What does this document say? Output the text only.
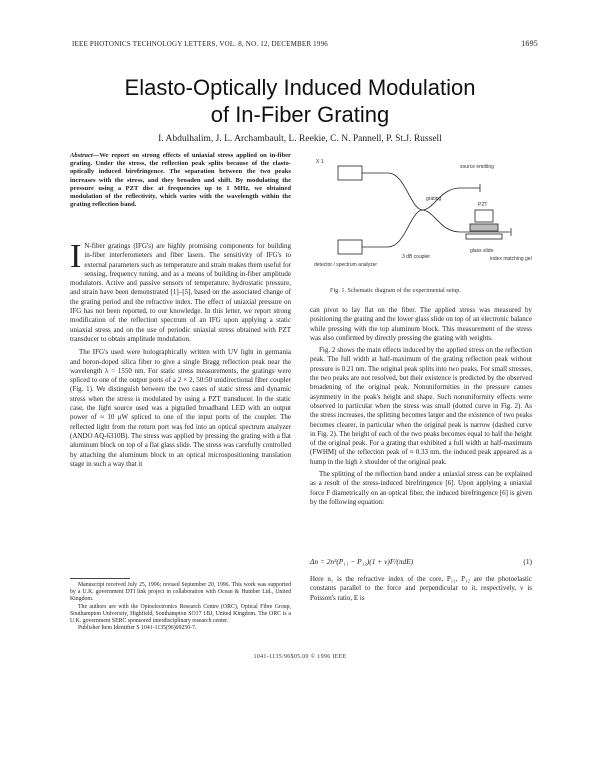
IEEE PHOTONICS TECHNOLOGY LETTERS, VOL. 8, NO. 12, DECEMBER 1996	1695
Elasto-Optically Induced Modulation
of In-Fiber Grating
I. Abdulhalim, J. L. Archambault, L. Reekie, C. N. Pannell, P. St.J. Russell
Abstract—We report on strong effects of uniaxial stress applied on in-fiber grating. Under the stress, the reflection peak splits because of the elasto-optically induced birefringence. The separation between the two peaks increases with the stress, and they broaden and shift. By modulating the pressure using a PZT disc at frequencies up to 1 MHz, we obtained modulation of the reflectivity, which varies with the wavelength within the grating reflection band.

I N-fiber gratings (IFG's) are highly promising components for building in-fiber interferometers and fiber lasers. The sensitivity of IFG's to external parameters such as temperature and strain makes them useful for sensing, frequency tuning, and as a means of building in-fiber amplitude modulators. Active and passive sensors of temperature, hydrostatic pressure, and strain have been demonstrated [1]–[5], based on the associated change of the grating period and the refractive index. The effect of uniaxial pressure on IFG has not been reported, to our knowledge. In this letter, we report strong modification of the reflection spectrum of an IFG upon applying a static uniaxial stress and on the use of periodic uniaxial stress obtained with PZT transducer to obtain amplitude modulation.

The IFG's used were holographically written with UV light in germania and boron-doped silica fiber to give a single Bragg reflection peak near the wavelength λ = 1550 nm. For static stress measurements, the gratings were spliced to one of the output ports of a 2 × 2, 50:50 unidirectional fiber coupler (Fig. 1). We distinguish between the two cases of static stress and dynamic stress when the stress is modulated by using a PZT transducer. In the static case, the light source used was a pigtailed broadband LED with an output power of ≈ 10 μW spliced to one of the input ports of the coupler. The reflected light from the return port was fed into an optical spectrum analyzer (ANDO AQ-6310B). The stress was applied by pressing the grating with a flat aluminum block on top of a flat glass slide. The stress was carefully controlled by attaching the aluminum block to an optical microspositioning translation stage in such a way that it

Manuscript received July 25, 1996; revised September 20, 1996. This work was supported by a U.K. government DTI link project in collaboration with Ocean & Humber Ltd., United Kingdom.

The authors are with the Optoelectronics Research Centre (ORC), Optical Fibre Group, Southampton University, Highfield, Southampton SO17 1BJ, United Kingdom. The ORC is a U.K. government SERC sponsored interdisciplinary research center.

Publisher Item Identifier S 1041-1135(96)09250-7.

source emitting
X 1
glass slide
grating
detector / spectrum analyzer
3 dB coupler
PZT
index matching gel
Fig. 1. Schematic diagram of the experimental setup.

can pivot to lay flat on the fiber. The applied stress was measured by positioning the grating and the lower glass slide on top of an electronic balance while pressing with the top aluminum block. This measurement of the stress was also confirmed by directly pressing the grating with weights.

Fig. 2 shows the main effects induced by the applied stress on the reflection peak. The full width at half-maximum of the grating reflection peak without pressure is 0.21 nm. The original peak splits into two peaks. For small stresses, the two peaks are not resolved, but their existence is predicted by the observed broadening of the original peak. Nonuniformities in the pressure causes asymmetry in the peak's height and shape. Such nonuniformity effects were observed in particular when the stress was small (dotted curve in Fig. 2). As the stress increases, the splitting becomes larger and the existence of two peaks becomes clearer, in particular when the original peak is narrow (dashed curve in Fig. 2). The height of each of the two peaks becomes equal to half the height of the original peak. For a grating that exhibited a full width at half-maximum (FWHM) of the reflection peak of ≈ 0.33 nm, the induced peak appeared as a hump in the high λ shoulder of the original peak.

The splitting of the reflection band under a uniaxial stress can be explained as a result of the stress-induced birefringence [6]. Upon applying a uniaxial force F diametrically on an optical fiber, the induced birefringence [6] is given by the following equation:

Δn = 2n³(P₁₁ − P₁₂)(1 + ν)F/(πdE)	(1)
Here n₁ is the refractive index of the core, P₁₁, P₁₂ are the photoelastic constants parallel to the force and perpendicular to it, respectively, ν is Poisson's ratio, E is
1041-1135/96$05.00 © 1996 IEEE
